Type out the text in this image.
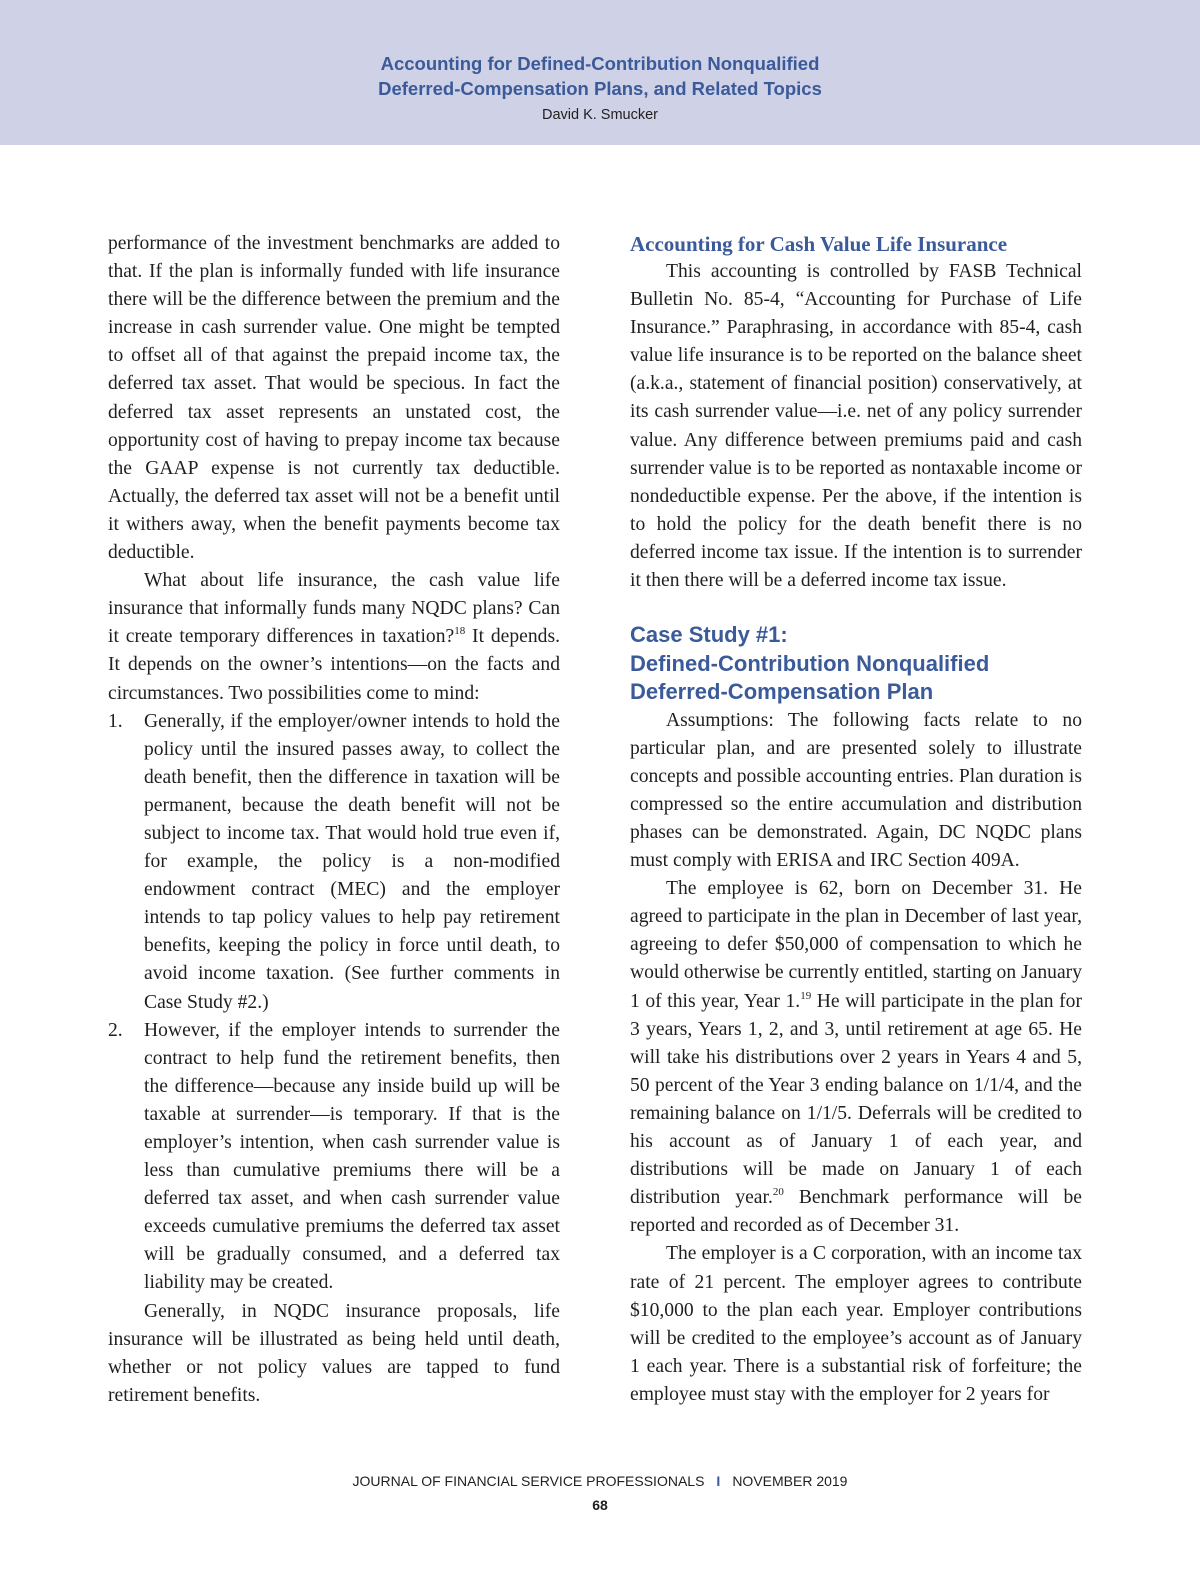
Accounting for Defined-Contribution Nonqualified
Deferred-Compensation Plans, and Related Topics
David K. Smucker

performance of the investment benchmarks are added to that. If the plan is informally funded with life insurance there will be the difference between the premium and the increase in cash surrender value. One might be tempted to offset all of that against the prepaid income tax, the deferred tax asset. That would be specious. In fact the deferred tax asset represents an unstated cost, the opportunity cost of having to prepay income tax because the GAAP expense is not currently tax deductible. Actually, the deferred tax asset will not be a benefit until it withers away, when the benefit payments become tax deductible.

What about life insurance, the cash value life insurance that informally funds many NQDC plans? Can it create temporary differences in taxation?$^{18}$ It depends. It depends on the owner’s intentions—on the facts and circumstances. Two possibilities come to mind:

1. Generally, if the employer/owner intends to hold the policy until the insured passes away, to collect the death benefit, then the difference in taxation will be permanent, because the death benefit will not be subject to income tax. That would hold true even if, for example, the policy is a non-modified endowment contract (MEC) and the employer intends to tap policy values to help pay retirement benefits, keeping the policy in force until death, to avoid income taxation. (See further comments in Case Study #2.)
2. However, if the employer intends to surrender the contract to help fund the retirement benefits, then the difference—because any inside build up will be taxable at surrender—is temporary. If that is the employer’s intention, when cash surrender value is less than cumulative premiums there will be a deferred tax asset, and when cash surrender value exceeds cumulative premiums the deferred tax asset will be gradually consumed, and a deferred tax liability may be created.

Generally, in NQDC insurance proposals, life insurance will be illustrated as being held until death, whether or not policy values are tapped to fund retirement benefits.

Accounting for Cash Value Life Insurance

This accounting is controlled by FASB Technical Bulletin No. 85-4, “Accounting for Purchase of Life Insurance.” Paraphrasing, in accordance with 85-4, cash value life insurance is to be reported on the balance sheet (a.k.a., statement of financial position) conservatively, at its cash surrender value—i.e. net of any policy surrender value. Any difference between premiums paid and cash surrender value is to be reported as nontaxable income or nondeductible expense. Per the above, if the intention is to hold the policy for the death benefit there is no deferred income tax issue. If the intention is to surrender it then there will be a deferred income tax issue.

Case Study #1:
Defined-Contribution Nonqualified
Deferred-Compensation Plan

Assumptions: The following facts relate to no particular plan, and are presented solely to illustrate concepts and possible accounting entries. Plan duration is compressed so the entire accumulation and distribution phases can be demonstrated. Again, DC NQDC plans must comply with ERISA and IRC Section 409A.

The employee is 62, born on December 31. He agreed to participate in the plan in December of last year, agreeing to defer $50,000 of compensation to which he would otherwise be currently entitled, starting on January 1 of this year, Year 1.19 He will participate in the plan for 3 years, Years 1, 2, and 3, until retirement at age 65. He will take his distributions over 2 years in Years 4 and 5, 50 percent of the Year 3 ending balance on 1/1/4, and the remaining balance on 1/1/5. Deferrals will be credited to his account as of January 1 of each year, and distributions will be made on January 1 of each distribution year.$^{20}$ Benchmark performance will be reported and recorded as of December 31.

The employer is a C corporation, with an income tax rate of 21 percent. The employer agrees to contribute $10,000 to the plan each year. Employer contributions will be credited to the employee’s account as of January 1 each year. There is a substantial risk of forfeiture; the employee must stay with the employer for 2 years for

JOURNAL OF FINANCIAL SERVICE PROFESSIONALS I NOVEMBER 2019
68
